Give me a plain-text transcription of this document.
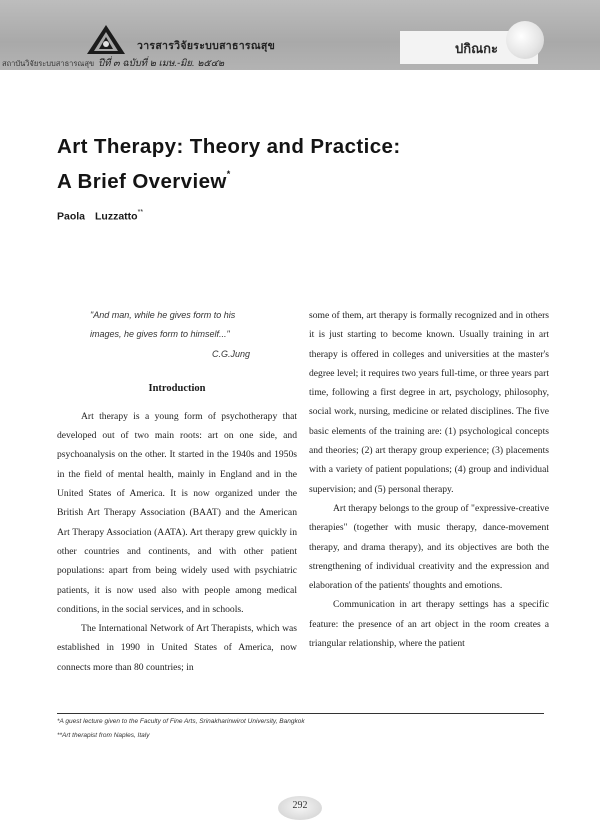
วารสารวิจัยระบบสาธารณสุข
สถาบันวิจัยระบบสาธารณสุข ปีที่ ๓ ฉบับที่ ๒ เมษ.-มิย. ๒๕๔๒
ปกิณกะ
Art Therapy: Theory and Practice:
A Brief Overview*
Paola Luzzatto**
"And man, while he gives form to his
images, he gives form to himself..."
C.G.Jung
Introduction

Art therapy is a young form of psychotherapy that developed out of two main roots: art on one side, and psychoanalysis on the other. It started in the 1940s and 1950s in the field of mental health, mainly in England and in the United States of America. It is now organized under the British Art Therapy Association (BAAT) and the American Art Therapy Association (AATA). Art therapy grew quickly in other countries and continents, and with other patient populations: apart from being widely used with psychiatric patients, it is now used also with people among medical conditions, in the social services, and in schools.

The International Network of Art Therapists, which was established in 1990 in United States of America, now connects more than 80 countries; in

some of them, art therapy is formally recognized and in others it is just starting to become known. Usually training in art therapy is offered in colleges and universities at the master's degree level; it requires two years full-time, or three years part time, following a first degree in art, psychology, philosophy, social work, nursing, medicine or related disciplines. The five basic elements of the training are: (1) psychological concepts and theories; (2) art therapy group experience; (3) placements with a variety of patient populations; (4) group and individual supervision; and (5) personal therapy.

Art therapy belongs to the group of "expressive-creative therapies" (together with music therapy, dance-movement therapy, and drama therapy), and its objectives are both the strengthening of individual creativity and the expression and elaboration of the patients' thoughts and emotions.

Communication in art therapy settings has a specific feature: the presence of an art object in the room creates a triangular relationship, where the patient

*A guest lecture given to the Faculty of Fine Arts, Srinakharinwirot University, Bangkok
**Art therapist from Naples, Italy
292
